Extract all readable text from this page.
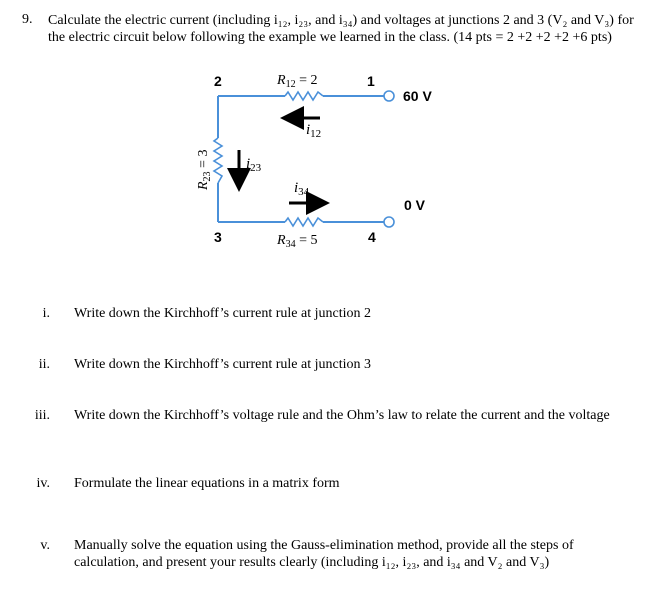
9. Calculate the electric current (including i₁₂, i₂₃, and i₃₄) and voltages at junctions 2 and 3 (V₂ and V₃) for the electric circuit below following the example we learned in the class. (14 pts = 2 +2 +2 +2 +6 pts)
2	1
3	4
60 V
0 V
$R_{12} = 2$
$R_{34} = 5$
$R_{23} = 3$
$i_{12}$
$i_{23}$
$i_{34}$
i. Write down the Kirchhoff’s current rule at junction 2
ii. Write down the Kirchhoff’s current rule at junction 3
iii. Write down the Kirchhoff’s voltage rule and the Ohm’s law to relate the current and the voltage
iv. Formulate the linear equations in a matrix form
v. Manually solve the equation using the Gauss-elimination method, provide all the steps of calculation, and present your results clearly (including i₁₂, i₂₃, and i₃₄ and V₂ and V₃)
